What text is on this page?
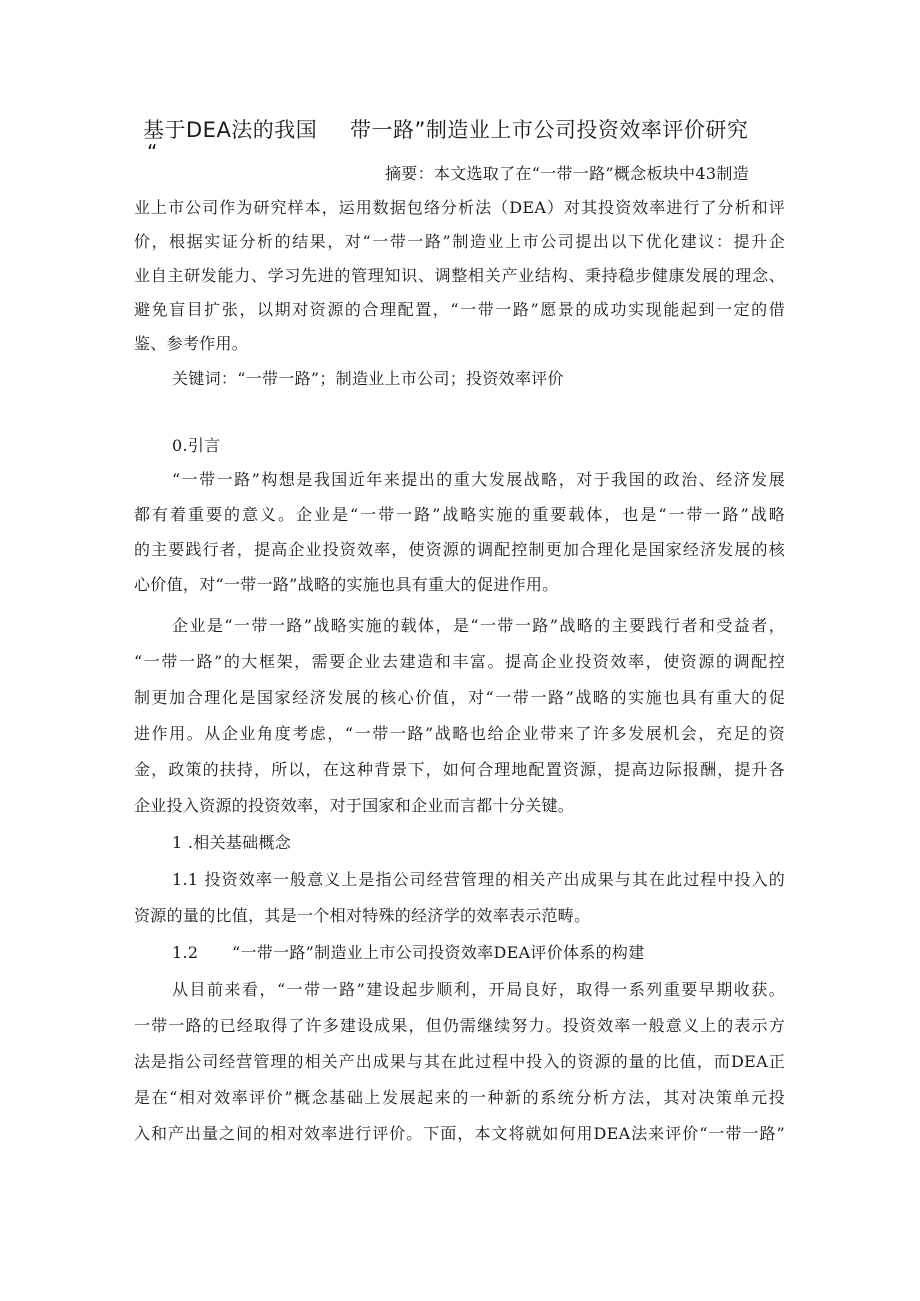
基于DEA法的我国
“
带一路”制造业上市公司投资效率评价研究
摘要：本文选取了在“一带一路”概念板块中43制造
业上市公司作为研究样本，运用数据包络分析法（DEA）对其投资效率进行了分析和评
价，根据实证分析的结果，对“一带一路”制造业上市公司提出以下优化建议：提升企
业自主研发能力、学习先进的管理知识、调整相关产业结构、秉持稳步健康发展的理念、
避免盲目扩张，以期对资源的合理配置，“一带一路”愿景的成功实现能起到一定的借
鉴、参考作用。
关键词：“一带一路”；制造业上市公司；投资效率评价
0.引言
“一带一路”构想是我国近年来提出的重大发展战略，对于我国的政治、经济发展
都有着重要的意义。企业是“一带一路”战略实施的重要载体，也是“一带一路”战略
的主要践行者，提高企业投资效率，使资源的调配控制更加合理化是国家经济发展的核
心价值，对“一带一路”战略的实施也具有重大的促进作用。
企业是“一带一路”战略实施的载体，是“一带一路”战略的主要践行者和受益者，
“一带一路”的大框架，需要企业去建造和丰富。提高企业投资效率，使资源的调配控
制更加合理化是国家经济发展的核心价值，对“一带一路”战略的实施也具有重大的促
进作用。从企业角度考虑，“一带一路”战略也给企业带来了许多发展机会，充足的资
金，政策的扶持，所以，在这种背景下，如何合理地配置资源，提高边际报酬，提升各
企业投入资源的投资效率，对于国家和企业而言都十分关键。
1 .相关基础概念
1.1 投资效率一般意义上是指公司经营管理的相关产出成果与其在此过程中投入的
资源的量的比值，其是一个相对特殊的经济学的效率表示范畴。
1.2 “一带一路”制造业上市公司投资效率DEA评价体系的构建
从目前来看，“一带一路”建设起步顺利，开局良好，取得一系列重要早期收获。
一带一路的已经取得了许多建设成果，但仍需继续努力。投资效率一般意义上的表示方
法是指公司经营管理的相关产出成果与其在此过程中投入的资源的量的比值，而DEA正
是在“相对效率评价”概念基础上发展起来的一种新的系统分析方法，其对决策单元投
入和产出量之间的相对效率进行评价。下面，本文将就如何用DEA法来评价“一带一路”
